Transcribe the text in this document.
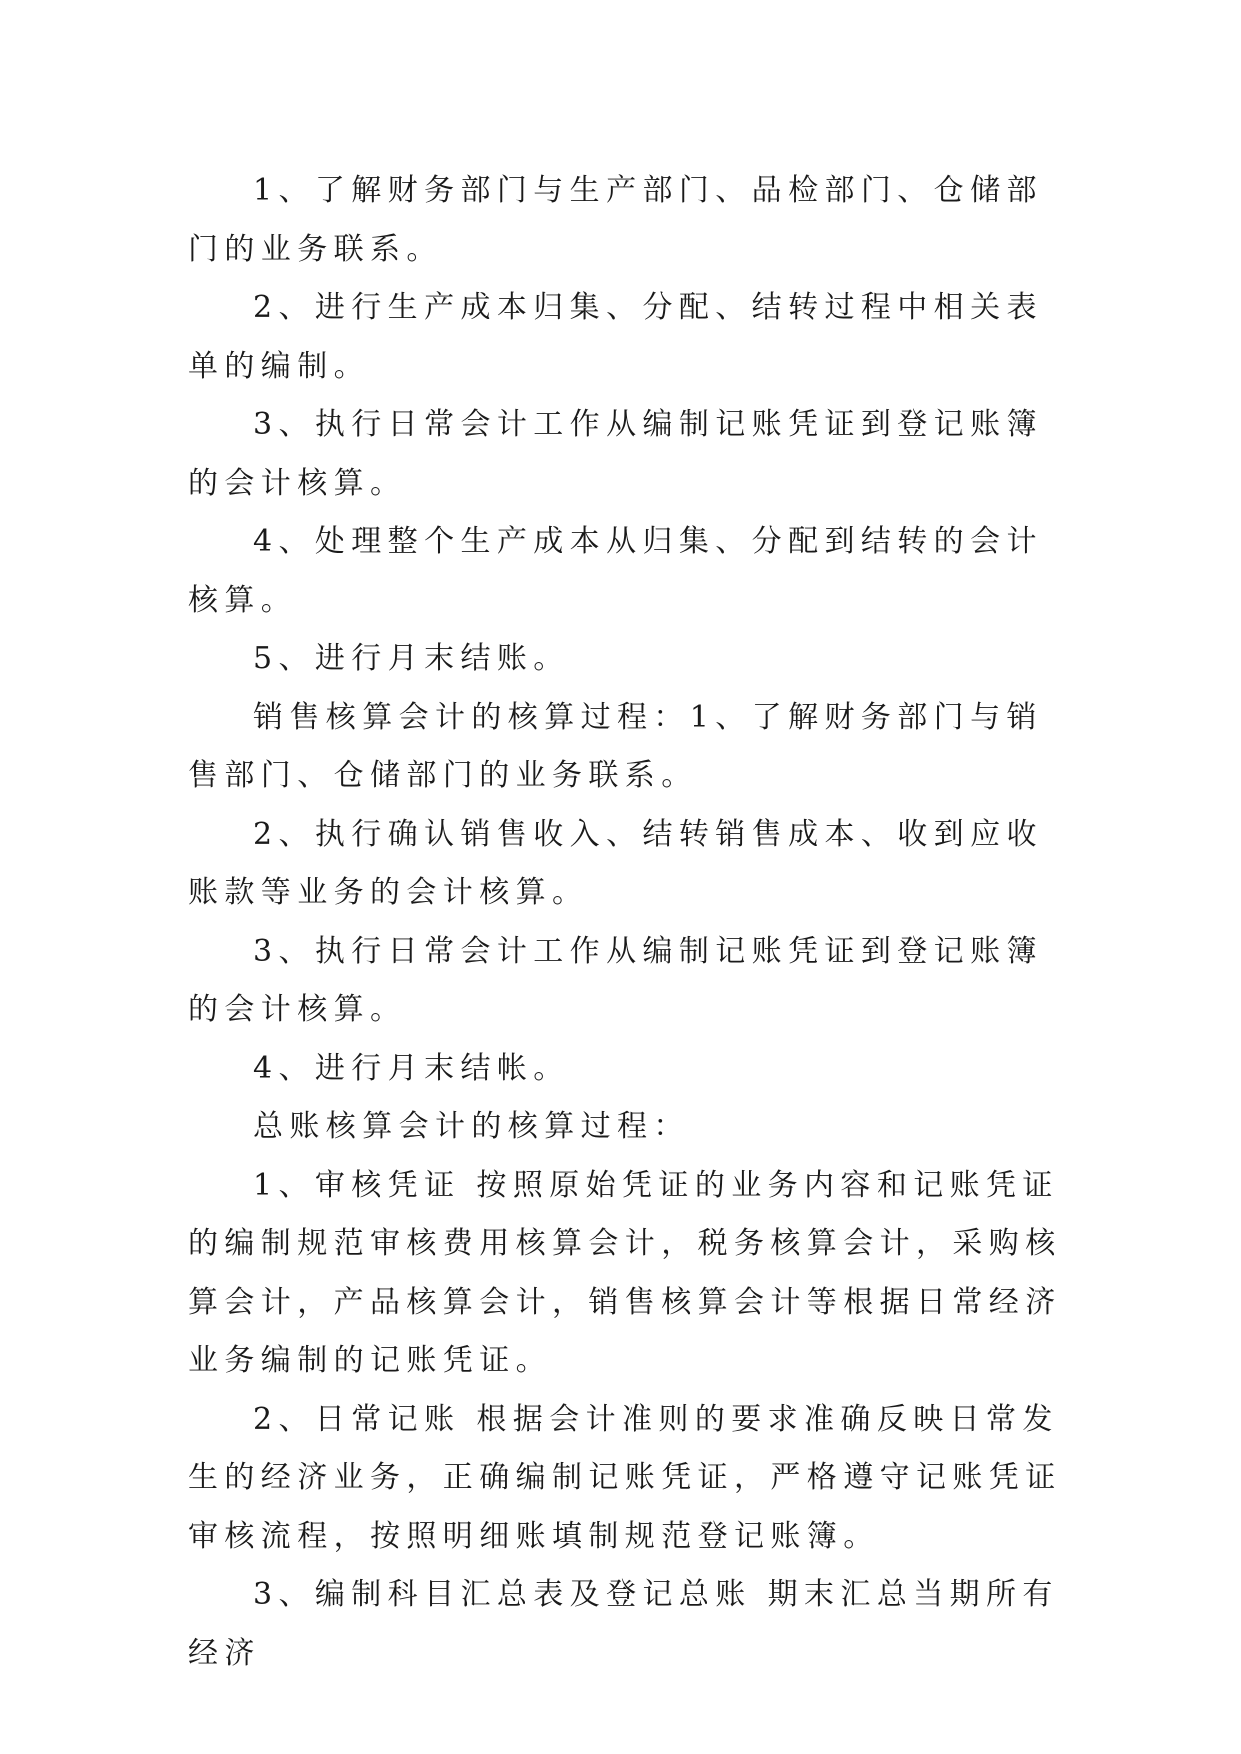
1、了解财务部门与生产部门、品检部门、仓储部门的业务联系。

2、进行生产成本归集、分配、结转过程中相关表单的编制。

3、执行日常会计工作从编制记账凭证到登记账簿的会计核算。

4、处理整个生产成本从归集、分配到结转的会计核算。

5、进行月末结账。

销售核算会计的核算过程：1、了解财务部门与销售部门、仓储部门的业务联系。

2、执行确认销售收入、结转销售成本、收到应收账款等业务的会计核算。

3、执行日常会计工作从编制记账凭证到登记账簿的会计核算。

4、进行月末结帐。

总账核算会计的核算过程：

1、审核凭证 按照原始凭证的业务内容和记账凭证的编制规范审核费用核算会计，税务核算会计，采购核算会计，产品核算会计，销售核算会计等根据日常经济业务编制的记账凭证。

2、日常记账 根据会计准则的要求准确反映日常发生的经济业务，正确编制记账凭证，严格遵守记账凭证审核流程，按照明细账填制规范登记账簿。

3、编制科目汇总表及登记总账 期末汇总当期所有经济
